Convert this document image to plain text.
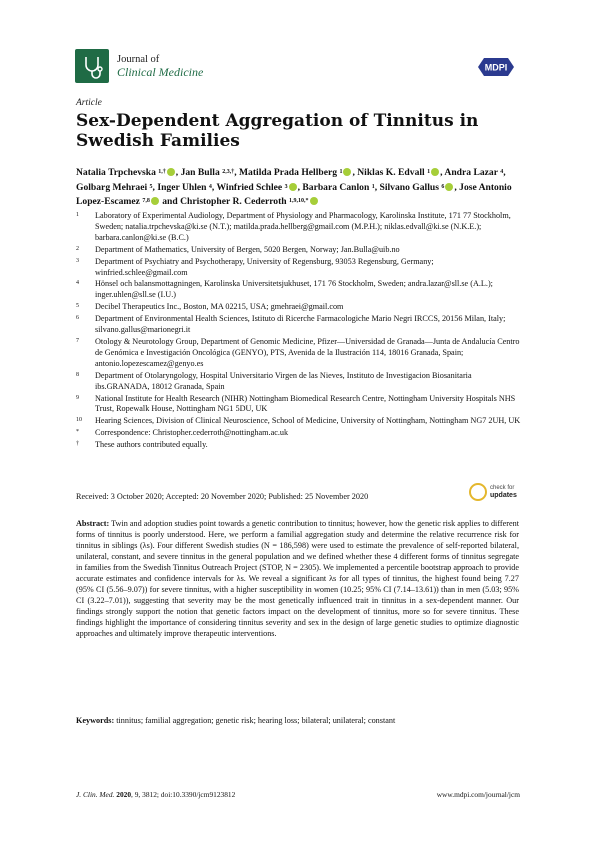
Journal of
Clinical Medicine	MDPI
Article
Sex-Dependent Aggregation of Tinnitus in Swedish Families
Natalia Trpchevska $^{1,\dagger}$ , Jan Bulla $^{2,3,\dagger}$, Matilda Prada Hellberg $^1$ , Niklas K. Edvall $^1$ , Andra Lazar $^4$, Golbarg Mehraei $^5$, Inger Uhlen $^4$, Winfried Schlee $^3$ , Barbara Canlon $^1$, Silvano Gallus $^6$ , Jose Antonio Lopez-Escamez $^{7,8}$ and Christopher R. Cederroth $^{1,9,10,*}$
1	Laboratory of Experimental Audiology, Department of Physiology and Pharmacology, Karolinska Institute, 171 77 Stockholm, Sweden; natalia.trpchevska@ki.se (N.T.); matilda.prada.hellberg@gmail.com (M.P.H.); niklas.edvall@ki.se (N.K.E.); barbara.canlon@ki.se (B.C.)
2	Department of Mathematics, University of Bergen, 5020 Bergen, Norway; Jan.Bulla@uib.no
3	Department of Psychiatry and Psychotherapy, University of Regensburg, 93053 Regensburg, Germany; winfried.schlee@gmail.com
4	Hönsel och balansmottagningen, Karolinska Universitetsjukhuset, 171 76 Stockholm, Sweden; andra.lazar@sll.se (A.L.); inger.uhlen@sll.se (I.U.)
5	Decibel Therapeutics Inc., Boston, MA 02215, USA; gmehraei@gmail.com
6	Department of Environmental Health Sciences, Istituto di Ricerche Farmacologiche Mario Negri IRCCS, 20156 Milan, Italy; silvano.gallus@marionegri.it
7	Otology & Neurotology Group, Department of Genomic Medicine, Pfizer—Universidad de Granada—Junta de Andalucía Centro de Genómica e Investigación Oncológica (GENYO), PTS, Avenida de la Ilustración 114, 18016 Granada, Spain; antonio.lopezescamez@genyo.es
8	Department of Otolaryngology, Hospital Universitario Virgen de las Nieves, Instituto de Investigacion Biosanitaria ibs.GRANADA, 18012 Granada, Spain
9	National Institute for Health Research (NIHR) Nottingham Biomedical Research Centre, Nottingham University Hospitals NHS Trust, Ropewalk House, Nottingham NG1 5DU, UK
10	Hearing Sciences, Division of Clinical Neuroscience, School of Medicine, University of Nottingham, Nottingham NG7 2UH, UK
*	Correspondence: Christopher.cederroth@nottingham.ac.uk
†	These authors contributed equally.
Received: 3 October 2020; Accepted: 20 November 2020; Published: 25 November 2020
check for
updates
Abstract: Twin and adoption studies point towards a genetic contribution to tinnitus; however, how the genetic risk applies to different forms of tinnitus is poorly understood. Here, we perform a familial aggregation study and determine the relative recurrence risk for tinnitus in siblings (λs). Four different Swedish studies (N = 186,598) were used to estimate the prevalence of self-reported bilateral, unilateral, constant, and severe tinnitus in the general population and we defined whether these 4 different forms of tinnitus segregate in families from the Swedish Tinnitus Outreach Project (STOP, N = 2305). We implemented a percentile bootstrap approach to provide accurate estimates and confidence intervals for λs. We reveal a significant λs for all types of tinnitus, the highest found being 7.27 (95% CI (5.56–9.07)) for severe tinnitus, with a higher susceptibility in women (10.25; 95% CI (7.14–13.61)) than in men (5.03; 95% CI (3.22–7.01)), suggesting that severity may be the most genetically influenced trait in tinnitus in a sex-dependent manner. Our findings strongly support the notion that genetic factors impact on the development of tinnitus, more so for severe tinnitus. These findings highlight the importance of considering tinnitus severity and sex in the design of large genetic studies to optimize diagnostic approaches and ultimately improve therapeutic interventions.
Keywords: tinnitus; familial aggregation; genetic risk; hearing loss; bilateral; unilateral; constant
J. Clin. Med. 2020, 9, 3812; doi:10.3390/jcm9123812	www.mdpi.com/journal/jcm
